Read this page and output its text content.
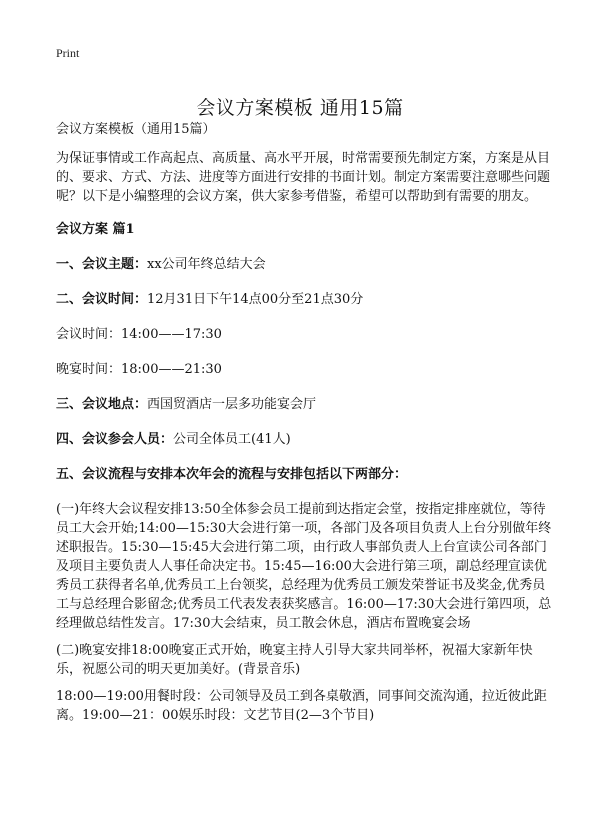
Print
会议方案模板 通用15篇

会议方案模板（通用15篇）

为保证事情或工作高起点、高质量、高水平开展，时常需要预先制定方案，方案是从目的、要求、方式、方法、进度等方面进行安排的书面计划。制定方案需要注意哪些问题呢？以下是小编整理的会议方案，供大家参考借鉴，希望可以帮助到有需要的朋友。

会议方案 篇1

一、会议主题：xx公司年终总结大会

二、会议时间：12月31日下午14点00分至21点30分

会议时间：14:00——17:30

晚宴时间：18:00——21:30

三、会议地点：西国贸酒店一层多功能宴会厅

四、会议参会人员：公司全体员工(41人)

五、会议流程与安排本次年会的流程与安排包括以下两部分：

(一)年终大会议程安排13:50全体参会员工提前到达指定会堂，按指定排座就位，等待员工大会开始;14:00—15:30大会进行第一项，各部门及各项目负责人上台分别做年终述职报告。15:30—15:45大会进行第二项，由行政人事部负责人上台宣读公司各部门及项目主要负责人人事任命决定书。15:45—16:00大会进行第三项，副总经理宣读优秀员工获得者名单,优秀员工上台领奖，总经理为优秀员工颁发荣誉证书及奖金,优秀员工与总经理合影留念;优秀员工代表发表获奖感言。16:00—17:30大会进行第四项，总经理做总结性发言。17:30大会结束，员工散会休息，酒店布置晚宴会场

(二)晚宴安排18:00晚宴正式开始，晚宴主持人引导大家共同举杯，祝福大家新年快乐，祝愿公司的明天更加美好。(背景音乐)

18:00—19:00用餐时段：公司领导及员工到各桌敬酒，同事间交流沟通，拉近彼此距离。19:00—21：00娱乐时段：文艺节目(2—3个节目)
